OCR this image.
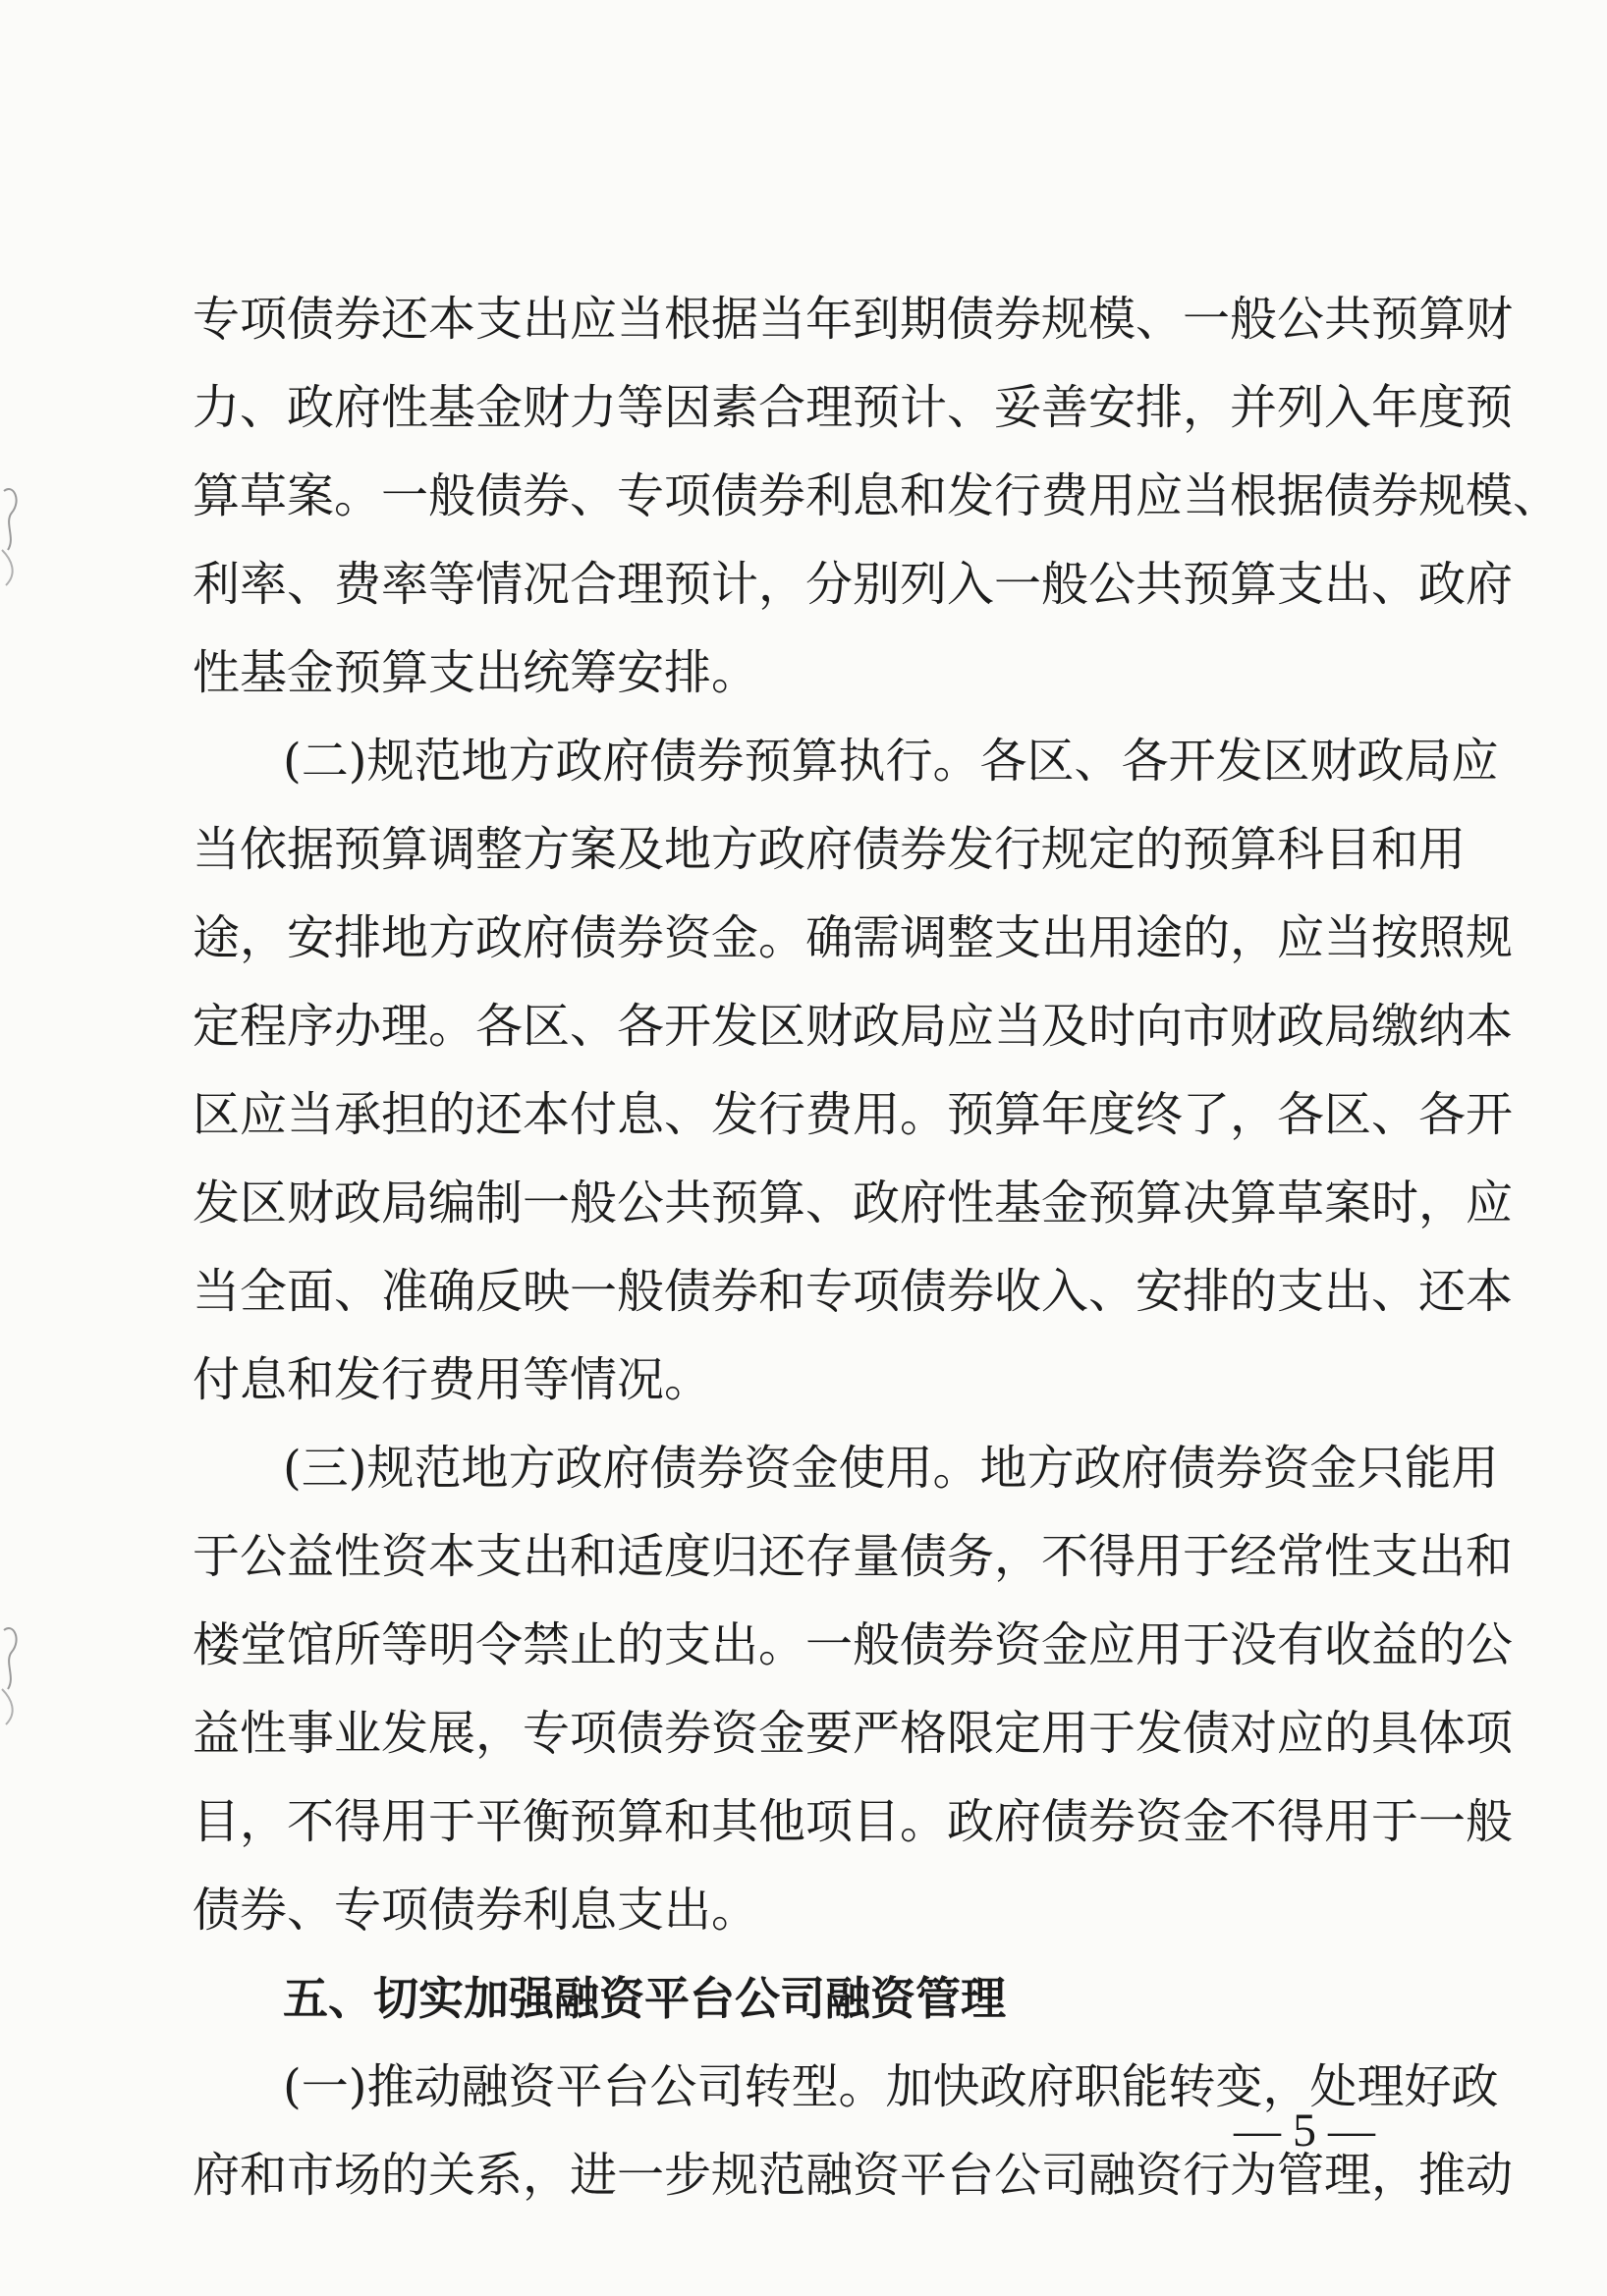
专项债券还本支出应当根据当年到期债券规模、一般公共预算财
力、政府性基金财力等因素合理预计、妥善安排，并列入年度预
算草案。一般债券、专项债券利息和发行费用应当根据债券规模、
利率、费率等情况合理预计，分别列入一般公共预算支出、政府
性基金预算支出统筹安排。
(二)规范地方政府债券预算执行。各区、各开发区财政局应
当依据预算调整方案及地方政府债券发行规定的预算科目和用
途，安排地方政府债券资金。确需调整支出用途的，应当按照规
定程序办理。各区、各开发区财政局应当及时向市财政局缴纳本
区应当承担的还本付息、发行费用。预算年度终了，各区、各开
发区财政局编制一般公共预算、政府性基金预算决算草案时，应
当全面、准确反映一般债券和专项债券收入、安排的支出、还本
付息和发行费用等情况。
(三)规范地方政府债券资金使用。地方政府债券资金只能用
于公益性资本支出和适度归还存量债务，不得用于经常性支出和
楼堂馆所等明令禁止的支出。一般债券资金应用于没有收益的公
益性事业发展，专项债券资金要严格限定用于发债对应的具体项
目，不得用于平衡预算和其他项目。政府债券资金不得用于一般
债券、专项债券利息支出。
五、切实加强融资平台公司融资管理
(一)推动融资平台公司转型。加快政府职能转变，处理好政
府和市场的关系，进一步规范融资平台公司融资行为管理，推动
— 5 —
